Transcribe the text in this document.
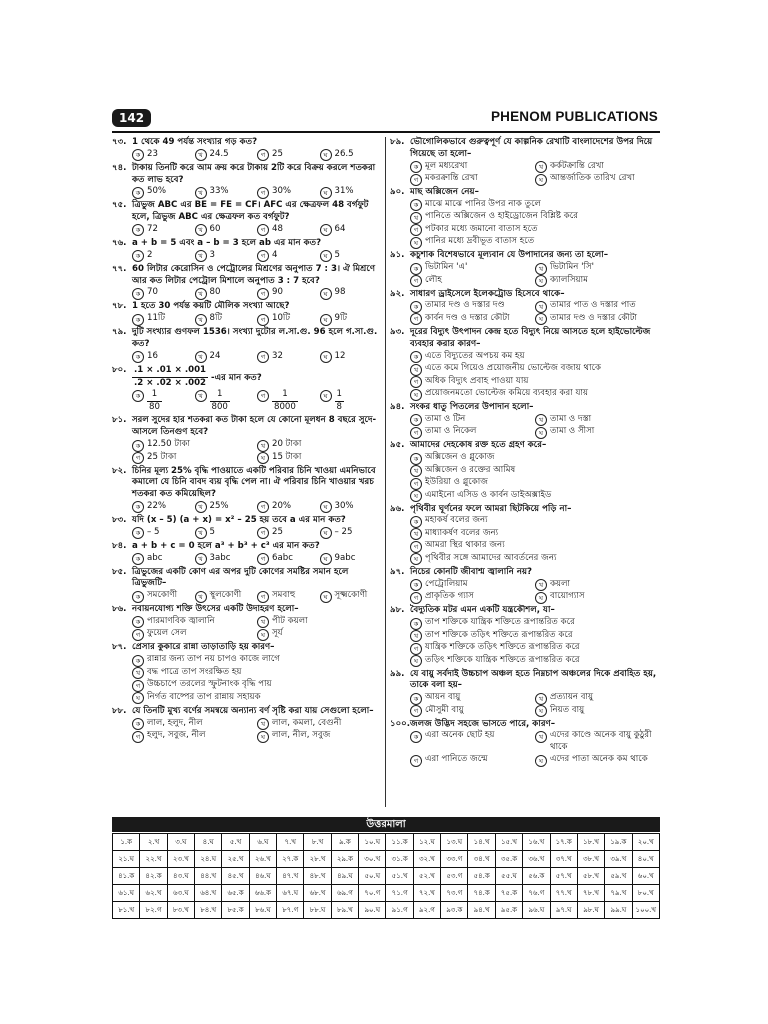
142	PHENOM PUBLICATIONS
৭৩. 1 থেকে 49 পর্যন্ত সংখ্যার গড় কত?
ক 23	খ 24.5	গ 25	ঘ 26.5
৭৪. টাকায় তিনটি করে আম ক্রয় করে টাকায় 2টি করে বিক্রয় করলে শতকরা কত লাভ হবে?
ক 50%	খ 33%	গ 30%	ঘ 31%
৭৫. ত্রিভুজ ABC এর BE = FE = CF। AFC এর ক্ষেত্রফল 48 বর্গফুট হলে, ত্রিভুজ ABC এর ক্ষেত্রফল কত বর্গফুট?
ক 72	খ 60	গ 48	ঘ 64
৭৬. a + b = 5 এবং a – b = 3 হলে ab এর মান কত?
ক 2	খ 3	গ 4	ঘ 5
৭৭. 60 লিটার কেরোসিন ও পেট্রোলের মিশ্রণের অনুপাত 7 : 3। ঐ মিশ্রণে আর কত লিটার পেট্রোল মিশালে অনুপাত 3 : 7 হবে?
ক 70	খ 80	গ 90	ঘ 98
৭৮. 1 হতে 30 পর্যন্ত কয়টি মৌলিক সংখ্যা আছে?
ক 11টি	খ 8টি	গ 10টি	ঘ 9টি
৭৯. দুটি সংখ্যার গুণফল 1536। সংখ্যা দুটোর ল.সা.গু. 96 হলে গ.সা.গু. কত?
ক 16	খ 24	গ 32	ঘ 12
৮০. $\frac{.1 \times .01 \times .001}{.2 \times .02 \times .002}$ -এর মান কত?
ক $\frac{1}{80}$	খ $\frac{1}{800}$	গ $\frac{1}{8000}$	ঘ $\frac{1}{8}$
৮১. সরল সুদের হার শতকরা কত টাকা হলে যে কোনো মূলধন 8 বছরে সুদে-আসলে তিনগুণ হবে?
ক 12.50 টাকা	খ 20 টাকা
গ 25 টাকা	ঘ 15 টাকা
৮২. চিনির মূল্য 25% বৃদ্ধি পাওয়াতে একটি পরিবার চিনি খাওয়া এমনিভাবে কমালো যে চিনি বাবদ ব্যয় বৃদ্ধি পেল না। ঐ পরিবার চিনি খাওয়ার খরচ শতকরা কত কমিয়েছিল?
ক 22%	খ 25%	গ 20%	ঘ 30%
৮৩. যদি (x – 5) (a + x) = x² – 25 হয় তবে a এর মান কত?
ক – 5	খ 5	গ 25	ঘ – 25
৮৪. a + b + c = 0 হলে a³ + b³ + c³ এর মান কত?
ক abc	খ 3abc	গ 6abc	ঘ 9abc
৮৫. ত্রিভুজের একটি কোণ এর অপর দুটি কোণের সমষ্টির সমান হলে ত্রিভুজটি–
ক সমকোণী	খ স্থূলকোণী	গ সমবাহু	ঘ সূক্ষ্মকোণী
৮৬. নবায়নযোগ্য শক্তি উৎসের একটি উদাহরণ হলো–
ক পারমাণবিক জ্বালানি	খ পীট কয়লা
গ ফুয়েল সেল	ঘ সূর্য
৮৭. প্রেসার কুকারে রান্না তাড়াতাড়ি হয় কারণ–
ক রান্নার জন্য তাপ নয় চাপও কাজে লাগে
খ বদ্ধ পাত্রে তাপ সংরক্ষিত হয়
গ উচ্চচাপে তরলের স্ফুটনাংক বৃদ্ধি পায়
ঘ নির্গত বাষ্পের তাপ রান্নায় সহায়ক
৮৮. যে তিনটি মুখ্য বর্ণের সমন্বয়ে অন্যান্য বর্ণ সৃষ্টি করা যায় সেগুলো হলো–
ক লাল, হলুদ, নীল	খ লাল, কমলা, বেগুনী
গ হলুদ, সবুজ, নীল	ঘ লাল, নীল, সবুজ
৮৯. ভৌগোলিকভাবে গুরুত্বপূর্ণ যে কাল্পনিক রেখাটি বাংলাদেশের উপর দিয়ে গিয়েছে তা হলো–
ক মূল মধ্যরেখা	খ কর্কটক্রান্তি রেখা
গ মকরক্রান্তি রেখা	ঘ আন্তর্জাতিক তারিখ রেখা
৯০. মাছ অক্সিজেন নেয়–
ক মাঝে মাঝে পানির উপর নাক তুলে
খ পানিতে অক্সিজেন ও হাইড্রোজেন বিশ্লিষ্ট করে
গ পটকার মধ্যে জমানো বাতাস হতে
ঘ পানির মধ্যে দ্রবীভূত বাতাস হতে
৯১. কচুশাক বিশেষভাবে মূল্যবান যে উপাদানের জন্য তা হলো–
ক ভিটামিন 'এ'	খ ভিটামিন 'সি'
গ লৌহ	ঘ ক্যালসিয়াম
৯২. সাধারণ ড্রাইসেলে ইলেকট্রোড হিসেবে থাকে–
ক তামার দণ্ড ও দস্তার দণ্ড	খ তামার পাত ও দস্তার পাত
গ কার্বন দণ্ড ও দস্তার কৌটা	ঘ তামার দণ্ড ও দস্তার কৌটা
৯৩. দূরের বিদ্যুৎ উৎপাদন কেন্দ্র হতে বিদ্যুৎ নিয়ে আসতে হলে হাইভোল্টেজ ব্যবহার করার কারণ–
ক এতে বিদ্যুতের অপচয় কম হয়
খ এতে কমে গিয়েও প্রয়োজনীয় ভোল্টেজ বজায় থাকে
গ অধিক বিদ্যুৎ প্রবাহ পাওয়া যায়
ঘ প্রয়োজনমতো ভোল্টেজ কমিয়ে ব্যবহার করা যায়
৯৪. সংকর ধাতু পিতলের উপাদান হলো–
ক তামা ও টিন	খ তামা ও দস্তা
গ তামা ও নিকেল	ঘ তামা ও সীসা
৯৫. আমাদের দেহকোষ রক্ত হতে গ্রহণ করে–
ক অক্সিজেন ও গ্লুকোজ
খ অক্সিজেন ও রক্তের আমিষ
গ ইউরিয়া ও গ্লুকোজ
ঘ এমাইনো এসিড ও কার্বন ডাইঅক্সাইড
৯৬. পৃথিবীর ঘূর্ণনের ফলে আমরা ছিটকিয়ে পড়ি না–
ক মহাকর্ষ বলের জন্য
খ মাধ্যাকর্ষণ বলের জন্য
গ আমরা স্থির থাকার জন্য
ঘ পৃথিবীর সঙ্গে আমাদের আবর্তনের জন্য
৯৭. নিচের কোনটি জীবাশ্ম জ্বালানি নয়?
ক পেট্রোলিয়াম	খ কয়লা
গ প্রাকৃতিক গ্যাস	ঘ বায়োগ্যাস
৯৮. বৈদ্যুতিক মটর এমন একটি যন্ত্রকৌশল, যা–
ক তাপ শক্তিকে যান্ত্রিক শক্তিতে রূপান্তরিত করে
খ তাপ শক্তিকে তড়িৎ শক্তিতে রূপান্তরিত করে
গ যান্ত্রিক শক্তিকে তড়িৎ শক্তিতে রূপান্তরিত করে
ঘ তড়িৎ শক্তিকে যান্ত্রিক শক্তিতে রূপান্তরিত করে
৯৯. যে বায়ু সর্বদাই উচ্চচাপ অঞ্চল হতে নিম্নচাপ অঞ্চলের দিকে প্রবাহিত হয়, তাকে বলা হয়–
ক আয়ন বায়ু	খ প্রত্যায়ন বায়ু
গ মৌসুমী বায়ু	ঘ নিয়ত বায়ু
১০০. জলজ উদ্ভিদ সহজে ভাসতে পারে, কারণ–
ক এরা অনেক ছোট হয়	খ এদের কাণ্ডে অনেক বায়ু কুঠুরী থাকে
গ এরা পানিতে জন্মে	ঘ এদের পাতা অনেক কম থাকে
উত্তরমালা
১.ক	২.খ	৩.ঘ	৪.ঘ	৫.খ	৬.ঘ	৭.খ	৮.খ	৯.ক	১০.ঘ	১১.ক	১২.ঘ	১৩.ঘ	১৪.খ	১৫.খ	১৬.খ	১৭.ক	১৮.খ	১৯.ক	২০.খ
২১.ঘ	২২.খ	২৩.খ	২৪.ঘ	২৫.খ	২৬.খ	২৭.ক	২৮.খ	২৯.ক	৩০.খ	৩১.ক	৩২.খ	৩৩.গ	৩৪.খ	৩৫.ক	৩৬.খ	৩৭.খ	৩৮.খ	৩৯.খ	৪০.খ
৪১.ক	৪২.ক	৪৩.ঘ	৪৪.খ	৪৫.খ	৪৬.ঘ	৪৭.খ	৪৮.খ	৪৯.ঘ	৫০.ঘ	৫১.খ	৫২.খ	৫৩.গ	৫৪.ক	৫৫.ঘ	৫৬.ক	৫৭.খ	৫৮.খ	৫৯.খ	৬০.খ
৬১.ঘ	৬২.খ	৬৩.ঘ	৬৪.খ	৬৫.ক	৬৬.ক	৬৭.ঘ	৬৮.খ	৬৯.গ	৭০.গ	৭১.গ	৭২.খ	৭৩.গ	৭৪.ক	৭৫.ক	৭৬.গ	৭৭.খ	৭৮.খ	৭৯.খ	৮০.খ
৮১.খ	৮২.গ	৮৩.খ	৮৪.খ	৮৫.ক	৮৬.ঘ	৮৭.গ	৮৮.ঘ	৮৯.খ	৯০.ঘ	৯১.গ	৯২.গ	৯৩.ক	৯৪.খ	৯৫.ক	৯৬.ঘ	৯৭.ঘ	৯৮.ঘ	৯৯.ঘ	১০০.খ
